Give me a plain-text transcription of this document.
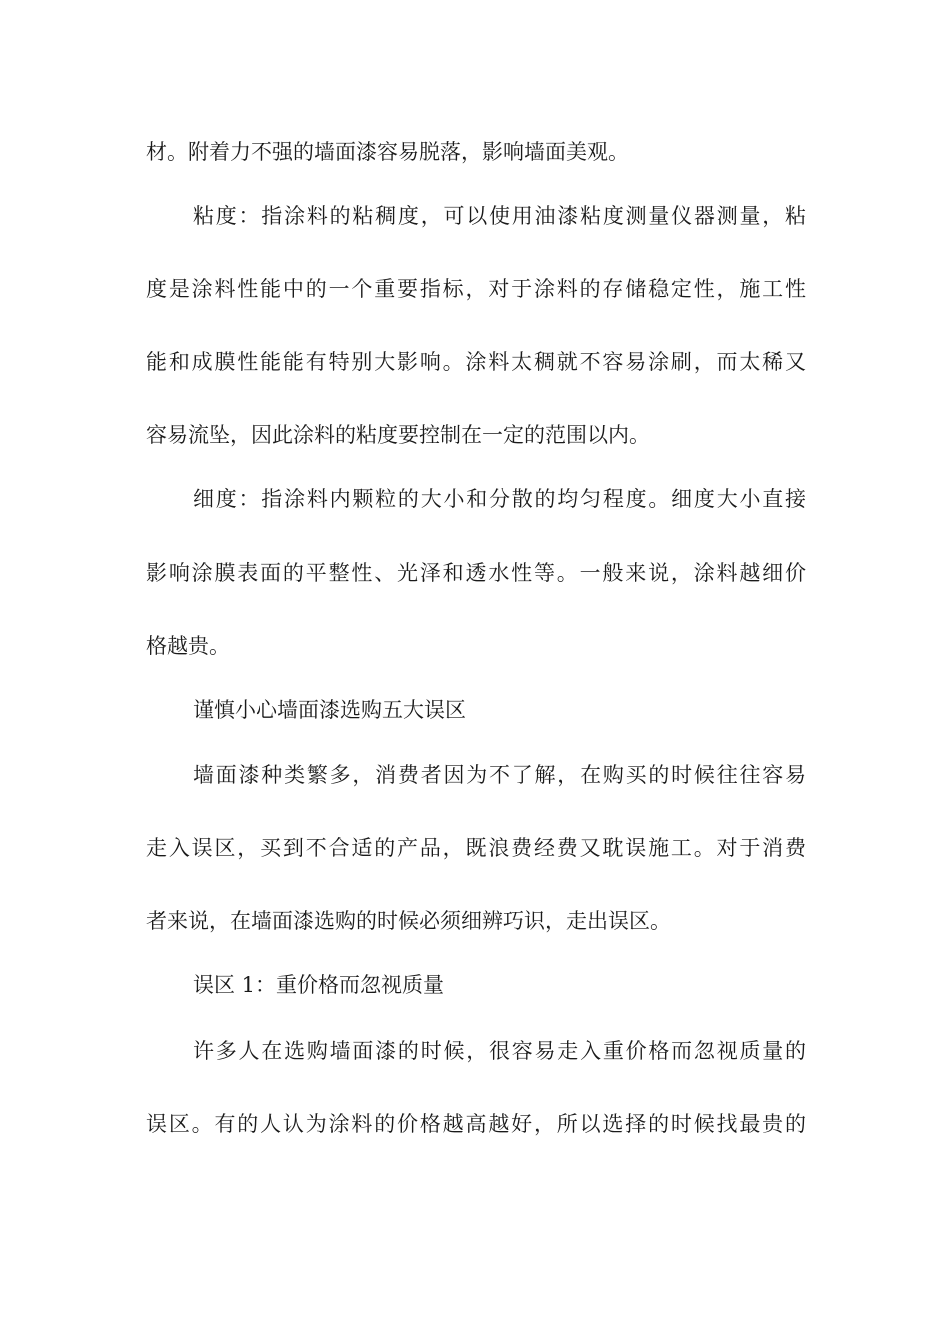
材。附着力不强的墙面漆容易脱落，影响墙面美观。
粘度：指涂料的粘稠度，可以使用油漆粘度测量仪器测量，粘
度是涂料性能中的一个重要指标，对于涂料的存储稳定性，施工性
能和成膜性能能有特别大影响。涂料太稠就不容易涂刷，而太稀又
容易流坠，因此涂料的粘度要控制在一定的范围以内。
细度：指涂料内颗粒的大小和分散的均匀程度。细度大小直接
影响涂膜表面的平整性、光泽和透水性等。一般来说，涂料越细价
格越贵。
谨慎小心墙面漆选购五大误区
墙面漆种类繁多，消费者因为不了解，在购买的时候往往容易
走入误区，买到不合适的产品，既浪费经费又耽误施工。对于消费
者来说，在墙面漆选购的时候必须细辨巧识，走出误区。
误区 1：重价格而忽视质量
许多人在选购墙面漆的时候，很容易走入重价格而忽视质量的
误区。有的人认为涂料的价格越高越好，所以选择的时候找最贵的
